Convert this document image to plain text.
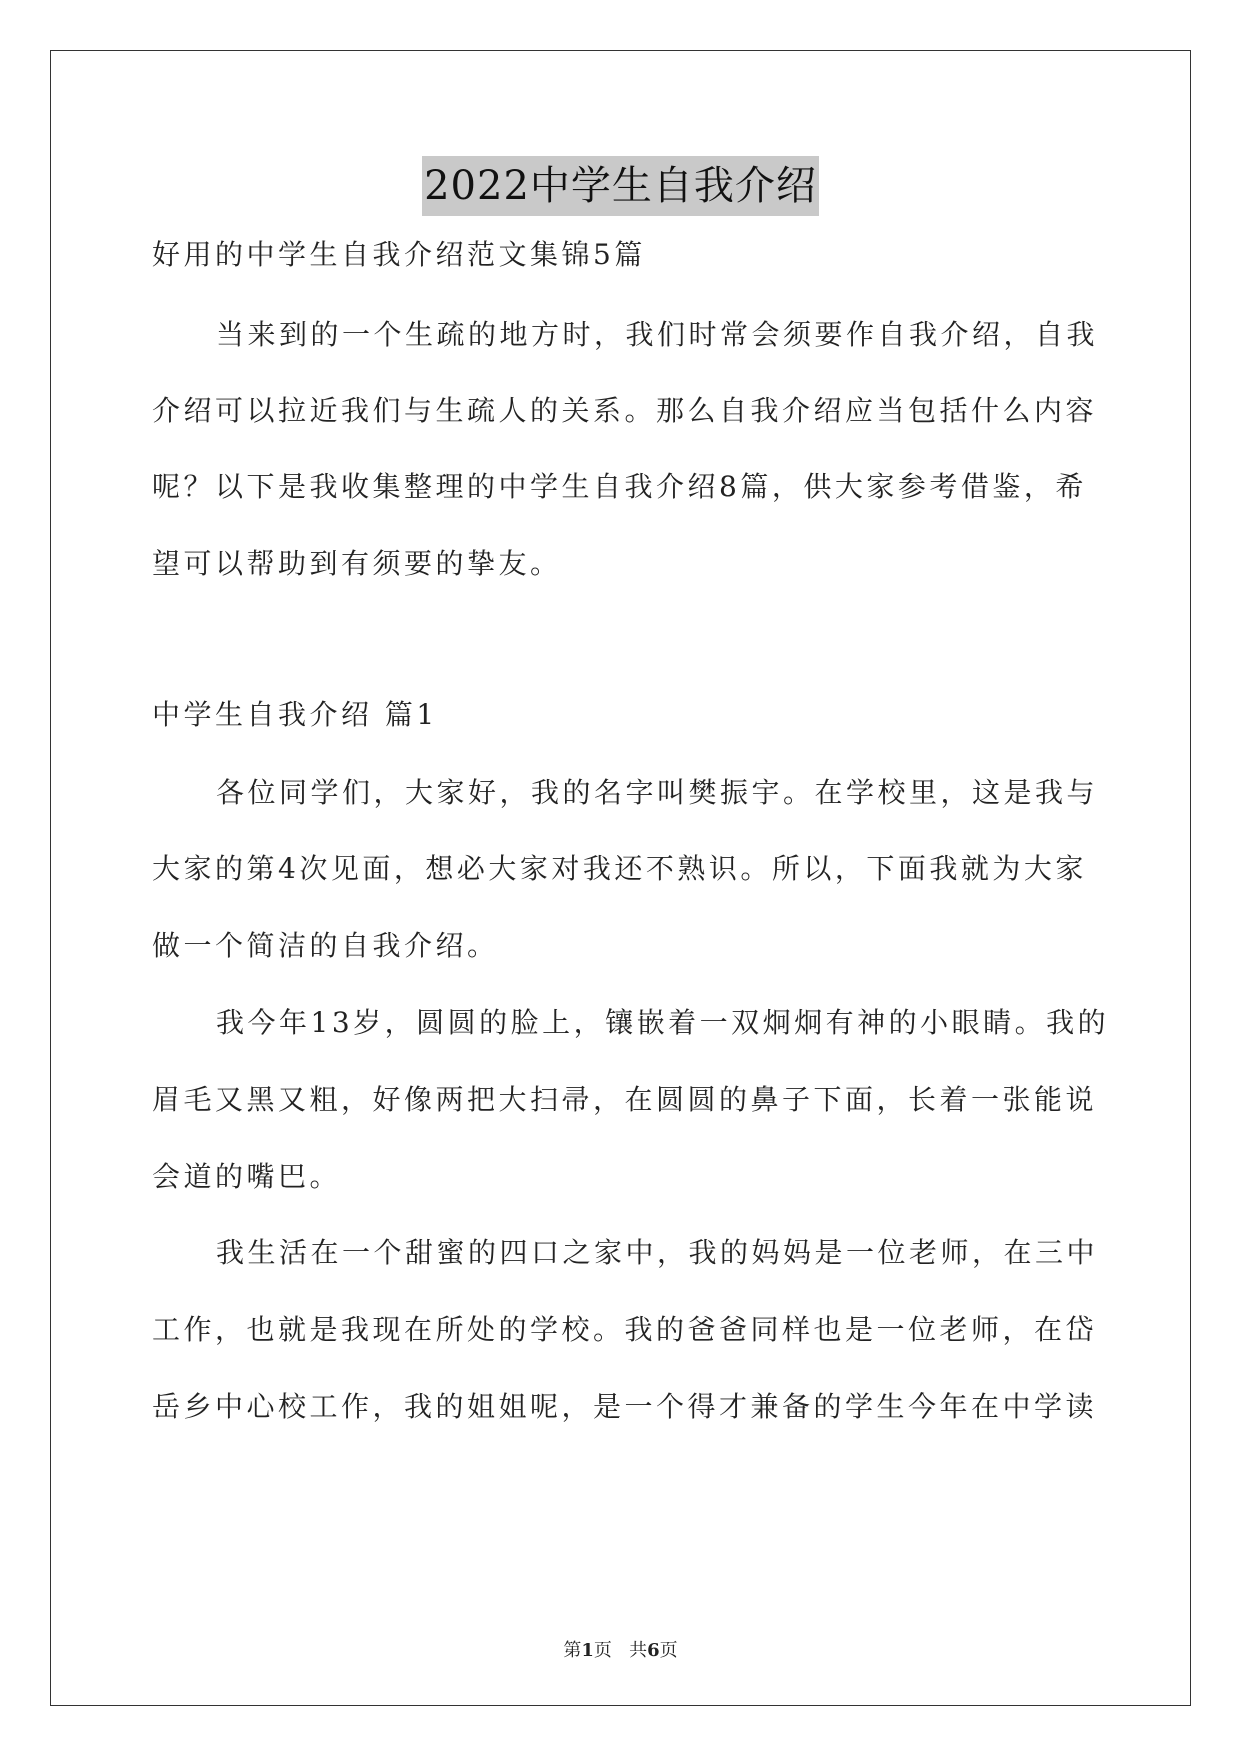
2022中学生自我介绍

好用的中学生自我介绍范文集锦5篇

当来到的一个生疏的地方时，我们时常会须要作自我介绍，自我

介绍可以拉近我们与生疏人的关系。那么自我介绍应当包括什么内容

呢？以下是我收集整理的中学生自我介绍8篇，供大家参考借鉴，希

望可以帮助到有须要的挚友。

中学生自我介绍 篇1

各位同学们，大家好，我的名字叫樊振宇。在学校里，这是我与

大家的第4次见面，想必大家对我还不熟识。所以，下面我就为大家

做一个简洁的自我介绍。

我今年13岁，圆圆的脸上，镶嵌着一双炯炯有神的小眼睛。我的

眉毛又黑又粗，好像两把大扫帚，在圆圆的鼻子下面，长着一张能说

会道的嘴巴。

我生活在一个甜蜜的四口之家中，我的妈妈是一位老师，在三中

工作，也就是我现在所处的学校。我的爸爸同样也是一位老师，在岱

岳乡中心校工作，我的姐姐呢，是一个得才兼备的学生今年在中学读

第1页 共6页
